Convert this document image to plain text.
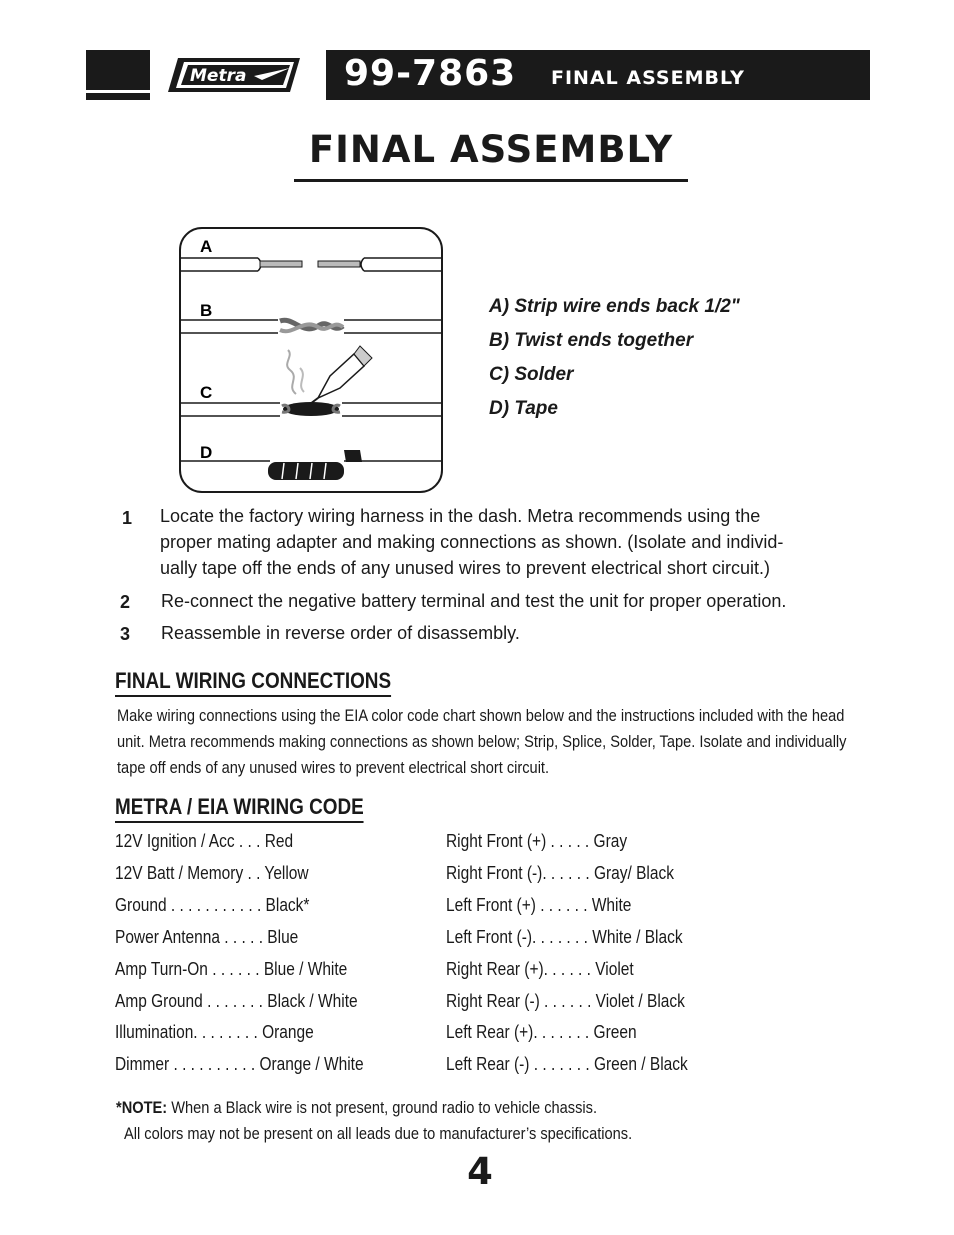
Metra	99-7863 FINAL ASSEMBLY
FINAL ASSEMBLY
A
B
C
D
A) Strip wire ends back 1/2"
B) Twist ends together
C) Solder
D) Tape
1 Locate the factory wiring harness in the dash. Metra recommends using the
proper mating adapter and making connections as shown. (Isolate and individ-
ually tape off the ends of any unused wires to prevent electrical short circuit.)
2 Re-connect the negative battery terminal and test the unit for proper operation.
3 Reassemble in reverse order of disassembly.
FINAL WIRING CONNECTIONS
Make wiring connections using the EIA color code chart shown below and the instructions included with the head
unit. Metra recommends making connections as shown below; Strip, Splice, Solder, Tape. Isolate and individually
tape off ends of any unused wires to prevent electrical short circuit.
METRA / EIA WIRING CODE
12V Ignition / Acc . . . Red
12V Batt / Memory . . Yellow
Ground . . . . . . . . . . . Black*
Power Antenna . . . . . Blue
Amp Turn-On . . . . . . Blue / White
Amp Ground . . . . . . . Black / White
Illumination. . . . . . . . Orange
Dimmer . . . . . . . . . . Orange / White
Right Front (+) . . . . . Gray
Right Front (-). . . . . . Gray/ Black
Left Front (+) . . . . . . White
Left Front (-). . . . . . . White / Black
Right Rear (+). . . . . . Violet
Right Rear (-) . . . . . . Violet / Black
Left Rear (+). . . . . . . Green
Left Rear (-) . . . . . . . Green / Black
*NOTE: When a Black wire is not present, ground radio to vehicle chassis.
All colors may not be present on all leads due to manufacturer’s specifications.
4
